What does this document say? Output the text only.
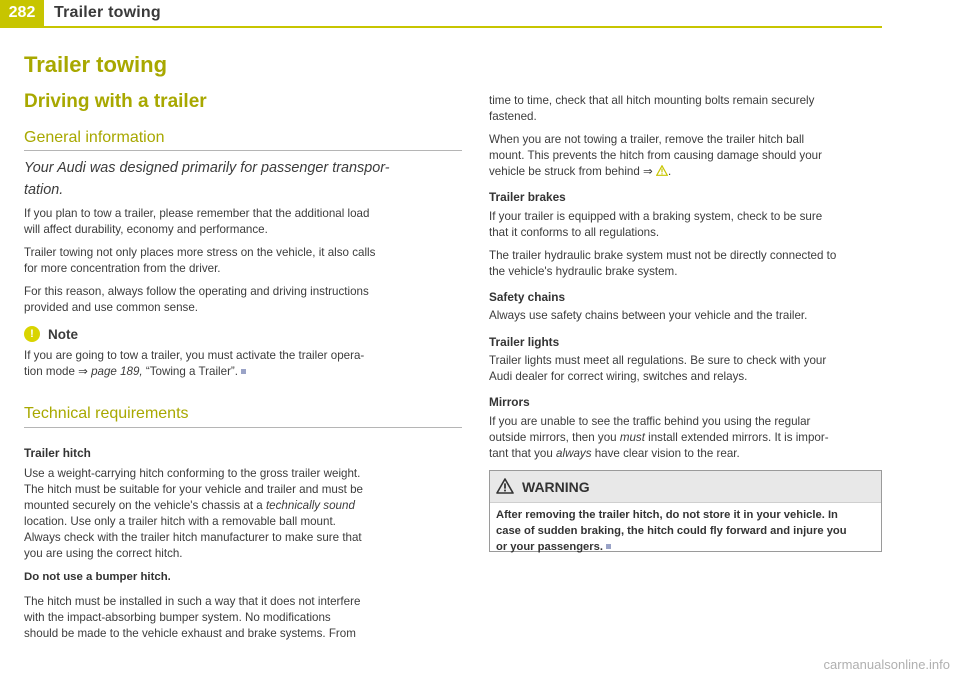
282	Trailer towing
Trailer towing
Driving with a trailer
General information
Your Audi was designed primarily for passenger transpor-
tation.
If you plan to tow a trailer, please remember that the additional load
will affect durability, economy and performance.
Trailer towing not only places more stress on the vehicle, it also calls
for more concentration from the driver.
For this reason, always follow the operating and driving instructions
provided and use common sense.
!	Note
If you are going to tow a trailer, you must activate the trailer opera-
tion mode ⇒ page 189, “Towing a Trailer”.
Technical requirements
Trailer hitch
Use a weight-carrying hitch conforming to the gross trailer weight.
The hitch must be suitable for your vehicle and trailer and must be
mounted securely on the vehicle's chassis at a technically sound
location. Use only a trailer hitch with a removable ball mount.
Always check with the trailer hitch manufacturer to make sure that
you are using the correct hitch.
Do not use a bumper hitch.
The hitch must be installed in such a way that it does not interfere
with the impact-absorbing bumper system. No modifications
should be made to the vehicle exhaust and brake systems. From
time to time, check that all hitch mounting bolts remain securely
fastened.
When you are not towing a trailer, remove the trailer hitch ball
mount. This prevents the hitch from causing damage should your
vehicle be struck from behind ⇒ .
Trailer brakes
If your trailer is equipped with a braking system, check to be sure
that it conforms to all regulations.
The trailer hydraulic brake system must not be directly connected to
the vehicle's hydraulic brake system.
Safety chains
Always use safety chains between your vehicle and the trailer.
Trailer lights
Trailer lights must meet all regulations. Be sure to check with your
Audi dealer for correct wiring, switches and relays.
Mirrors
If you are unable to see the traffic behind you using the regular
outside mirrors, then you must install extended mirrors. It is impor-
tant that you always have clear vision to the rear.
WARNING
After removing the trailer hitch, do not store it in your vehicle. In
case of sudden braking, the hitch could fly forward and injure you
or your passengers.
carmanualsonline.info
